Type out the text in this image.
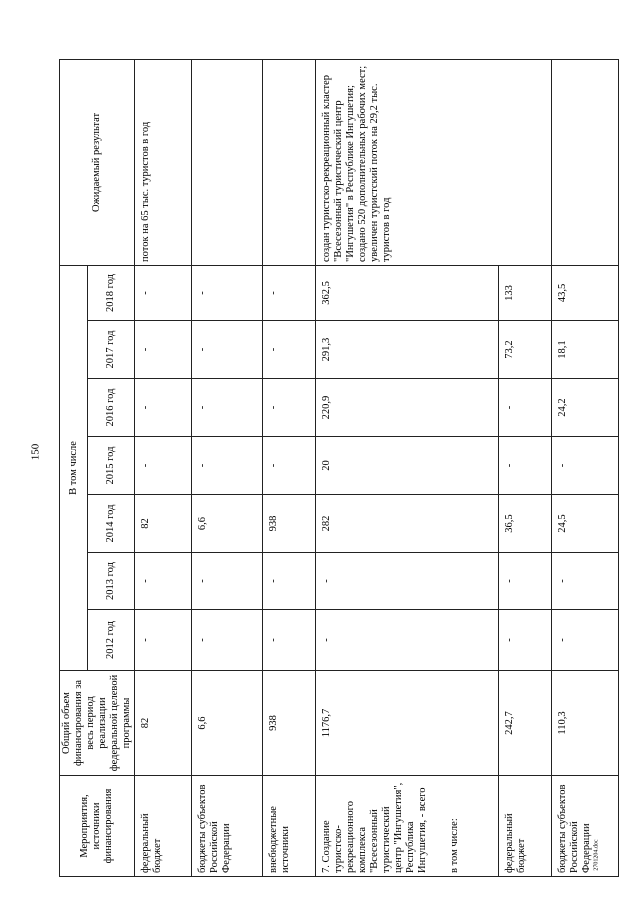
150
Мероприятия, источники финансирования	Общий объем финансирования за весь период реализации федеральной целевой программы	В том числе							Ожидаемый результат
		2012 год	2013 год	2014 год	2015 год	2016 год	2017 год	2018 год	
федеральный бюджет	82	-	-	82	-	-	-	-	поток на 65 тыс. туристов в год
бюджеты субъектов Российской Федерации	6,6	-	-	6,6	-	-	-	-	
внебюджетные источники	938	-	-	938	-	-	-	-	
7. Создание туристско-рекреационного комплекса "Всесезонный туристический центр "Ингушетия", Республика Ингушетия, - всего в том числе:	1176,7	-	-	282	20	220,9	291,3	362,5	создан туристско-рекреационный кластер "Всесезонный туристический центр "Ингушетия" в Республике Ингушетия; создано 520 дополнительных рабочих мест; увеличен туристский поток на 29,2 тыс. туристов в год
федеральный бюджет	242,7	-	-	36,5	-	-	73,2	133	
бюджеты субъектов Российской Федерации	110,3	-	-	24,5	-	24,2	18,1	43,5	
2701204.doc
